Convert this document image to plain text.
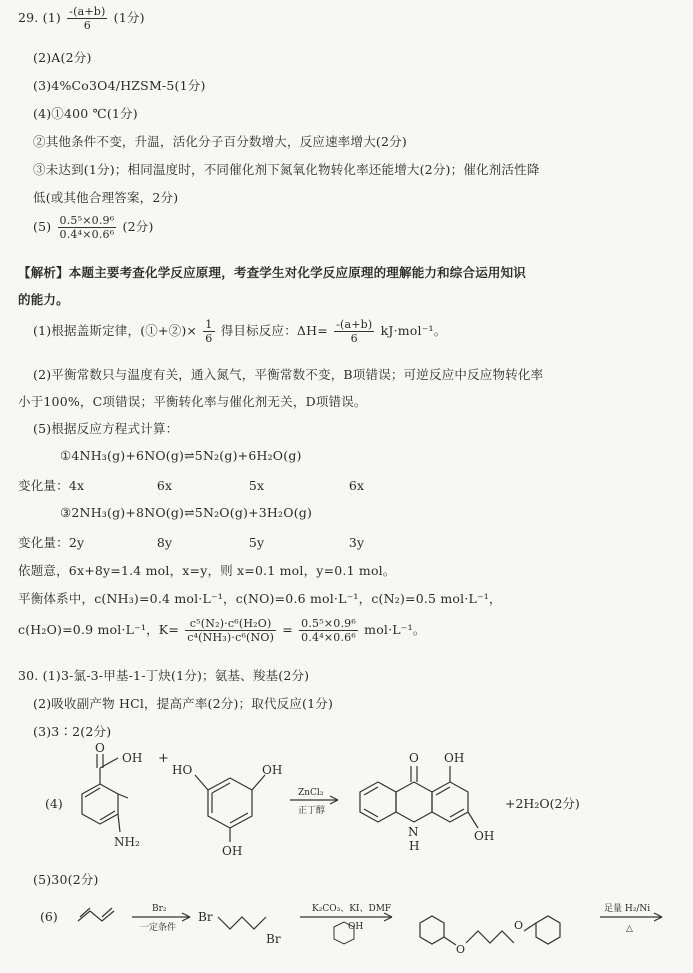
29. $(1) \frac{-(a+b)}{6} (1$分)
(2)A(2分)
(3)4%Co3O4/HZSM-5(1分)
(4)①400 ℃(1分)
②其他条件不变，升温，活化分子百分数增大，反应速率增大(2分)
③未达到(1分)；相同温度时，不同催化剂下氮氧化物转化率还能增大(2分)；催化剂活性降
低(或其他合理答案，2分)
$(5) \frac{\text{0.5⁵×0.9⁶}}{\text{0.4⁴×0.6⁶}} (2$分)
【解析】本题主要考查化学反应原理，考查学生对化学反应原理的理解能力和综合运用知识
的能力。
(1)根据盖斯定律，(①+②)× $\frac{1}{6}$ 得目标反应：$\Delta H= \frac{-(a+b)}{6} kJ\cdot mol^{-1}$。
(2)平衡常数只与温度有关，通入氮气，平衡常数不变，B项错误；可逆反应中反应物转化率
小于100%，C项错误；平衡转化率与催化剂无关，D项错误。
(5)根据反应方程式计算：
①4NH₃(g)+6NO(g)⇌5N₂(g)+6H₂O(g)
变化量：4x	6x	5x	6x
③2NH₃(g)+8NO(g)⇌5N₂O(g)+3H₂O(g)
变化量：2y	8y	5y	3y
依题意，6x+8y=1.4 mol，x=y，则 x=0.1 mol，y=0.1 mol。
平衡体系中，c(NH₃)=0.4 mol·L⁻¹，c(NO)=0.6 mol·L⁻¹，c(N₂)=0.5 mol·L⁻¹，
c(H₂O)=0.9 mol·L⁻¹，$K= \frac{\text{c⁵(N₂)·c⁶(H₂O)}}{\text{c⁴(NH₃)·c⁶(NO)}} = \frac{\text{0.5⁵×0.9⁶}}{\text{0.4⁴×0.6⁶}} mol\cdot L^{-1}$。
30. (1)3-氯-3-甲基-1-丁炔(1分)；氨基、羧基(2分)
(2)吸收副产物 HCl，提高产率(2分)；取代反应(1分)
(3)3∶2(2分)
(4)
O
OH +
NH₂
HO	OH
OH
ZnCl₂
正丁醇
O OH
N
H
OH
+2H₂O(2分)
(5)30(2分)
(6)	Br₂
一定条件
Br
Br
K₂CO₃、KI、DMF
OH
O
O
足量 H₂/Ni
△
